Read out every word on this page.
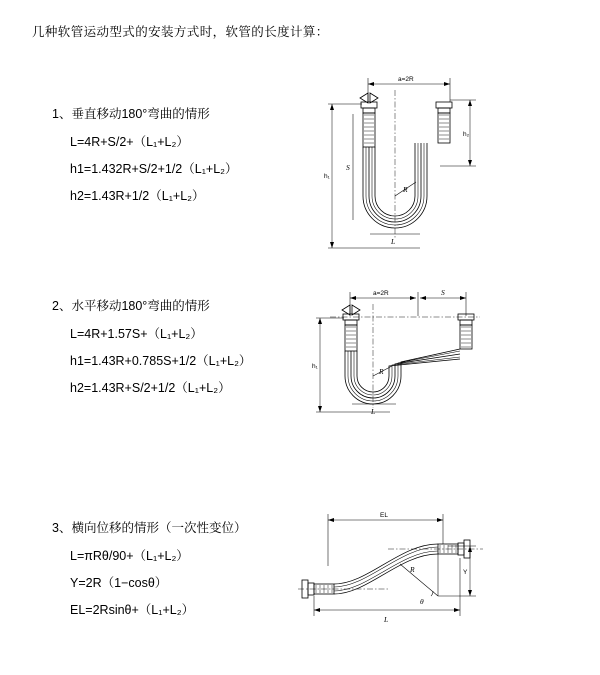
几种软管运动型式的安装方式时，软管的长度计算：
1、垂直移动180°弯曲的情形
L=4R+S/2+（L₁+L₂）
h1=1.432R+S/2+1/2（L₁+L₂）
h2=1.43R+1/2（L₁+L₂）
a=2R
h₁
h₂
R
L
S
2、水平移动180°弯曲的情形
L=4R+1.57S+（L₁+L₂）
h1=1.43R+0.785S+1/2（L₁+L₂）
h2=1.43R+S/2+1/2（L₁+L₂）
a=2R	S
h₁
R
L
3、横向位移的情形（一次性变位）
L=πRθ/90+（L₁+L₂）
Y=2R（1−cosθ）
EL=2Rsinθ+（L₁+L₂）
EL
Y
θ
R
L
